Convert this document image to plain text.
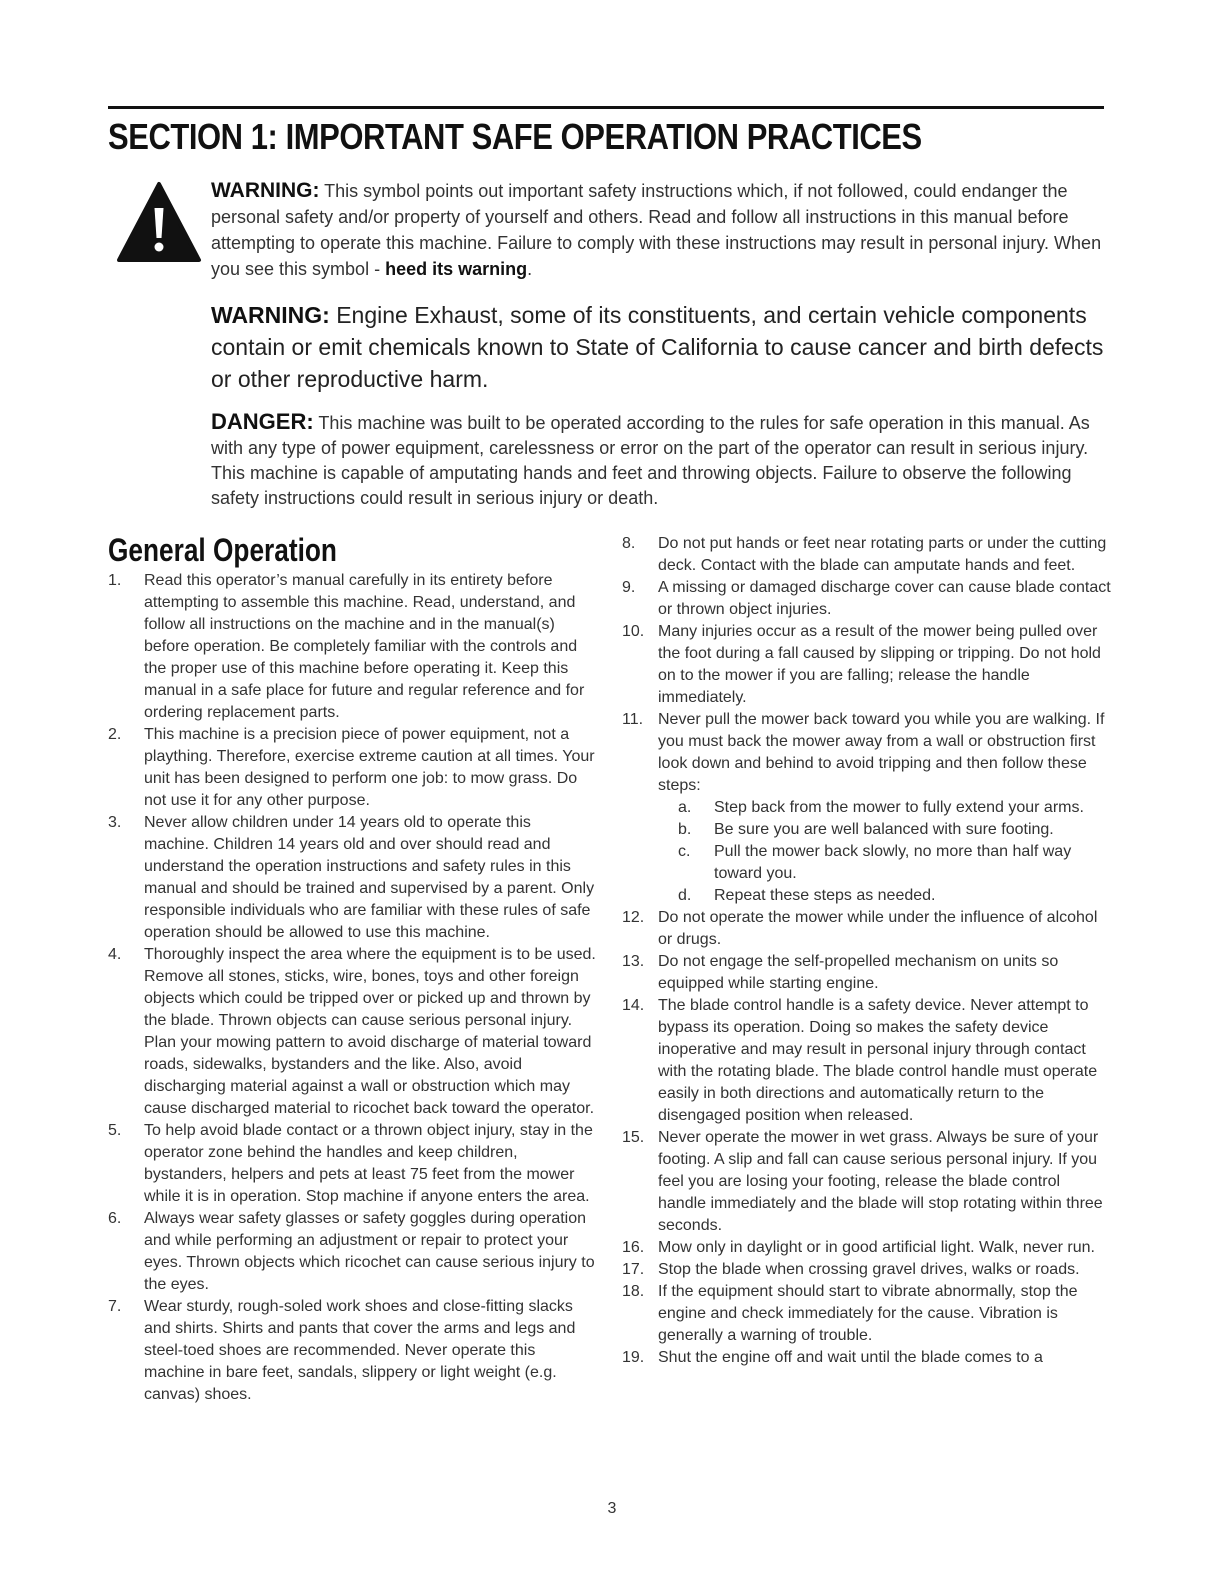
SECTION 1: IMPORTANT SAFE OPERATION PRACTICES

WARNING: This symbol points out important safety instructions which, if not followed, could endanger the personal safety and/or property of yourself and others. Read and follow all instructions in this manual before attempting to operate this machine. Failure to comply with these instructions may result in personal injury. When you see this symbol - heed its warning.

WARNING: Engine Exhaust, some of its constituents, and certain vehicle components contain or emit chemicals known to State of California to cause cancer and birth defects or other reproductive harm.

DANGER: This machine was built to be operated according to the rules for safe operation in this manual. As with any type of power equipment, carelessness or error on the part of the operator can result in serious injury. This machine is capable of amputating hands and feet and throwing objects. Failure to observe the following safety instructions could result in serious injury or death.

General Operation
1. Read this operator’s manual carefully in its entirety before attempting to assemble this machine. Read, understand, and follow all instructions on the machine and in the manual(s) before operation. Be completely familiar with the controls and the proper use of this machine before operating it. Keep this manual in a safe place for future and regular reference and for ordering replacement parts.
2. This machine is a precision piece of power equipment, not a plaything. Therefore, exercise extreme caution at all times. Your unit has been designed to perform one job: to mow grass. Do not use it for any other purpose.
3. Never allow children under 14 years old to operate this machine. Children 14 years old and over should read and understand the operation instructions and safety rules in this manual and should be trained and supervised by a parent. Only responsible individuals who are familiar with these rules of safe operation should be allowed to use this machine.
4. Thoroughly inspect the area where the equipment is to be used. Remove all stones, sticks, wire, bones, toys and other foreign objects which could be tripped over or picked up and thrown by the blade. Thrown objects can cause serious personal injury. Plan your mowing pattern to avoid discharge of material toward roads, sidewalks, bystanders and the like. Also, avoid discharging material against a wall or obstruction which may cause discharged material to ricochet back toward the operator.
5. To help avoid blade contact or a thrown object injury, stay in the operator zone behind the handles and keep children, bystanders, helpers and pets at least 75 feet from the mower while it is in operation. Stop machine if anyone enters the area.
6. Always wear safety glasses or safety goggles during operation and while performing an adjustment or repair to protect your eyes. Thrown objects which ricochet can cause serious injury to the eyes.
7. Wear sturdy, rough-soled work shoes and close-fitting slacks and shirts. Shirts and pants that cover the arms and legs and steel-toed shoes are recommended. Never operate this machine in bare feet, sandals, slippery or light weight (e.g. canvas) shoes.
8. Do not put hands or feet near rotating parts or under the cutting deck. Contact with the blade can amputate hands and feet.
9. A missing or damaged discharge cover can cause blade contact or thrown object injuries.
10. Many injuries occur as a result of the mower being pulled over the foot during a fall caused by slipping or tripping. Do not hold on to the mower if you are falling; release the handle immediately.
11. Never pull the mower back toward you while you are walking. If you must back the mower away from a wall or obstruction first look down and behind to avoid tripping and then follow these steps:
a. Step back from the mower to fully extend your arms.
b. Be sure you are well balanced with sure footing.
c. Pull the mower back slowly, no more than half way toward you.
d. Repeat these steps as needed.
12. Do not operate the mower while under the influence of alcohol or drugs.
13. Do not engage the self-propelled mechanism on units so equipped while starting engine.
14. The blade control handle is a safety device. Never attempt to bypass its operation. Doing so makes the safety device inoperative and may result in personal injury through contact with the rotating blade. The blade control handle must operate easily in both directions and automatically return to the disengaged position when released.
15. Never operate the mower in wet grass. Always be sure of your footing. A slip and fall can cause serious personal injury. If you feel you are losing your footing, release the blade control handle immediately and the blade will stop rotating within three seconds.
16. Mow only in daylight or in good artificial light. Walk, never run.
17. Stop the blade when crossing gravel drives, walks or roads.
18. If the equipment should start to vibrate abnormally, stop the engine and check immediately for the cause. Vibration is generally a warning of trouble.
19. Shut the engine off and wait until the blade comes to a
3
